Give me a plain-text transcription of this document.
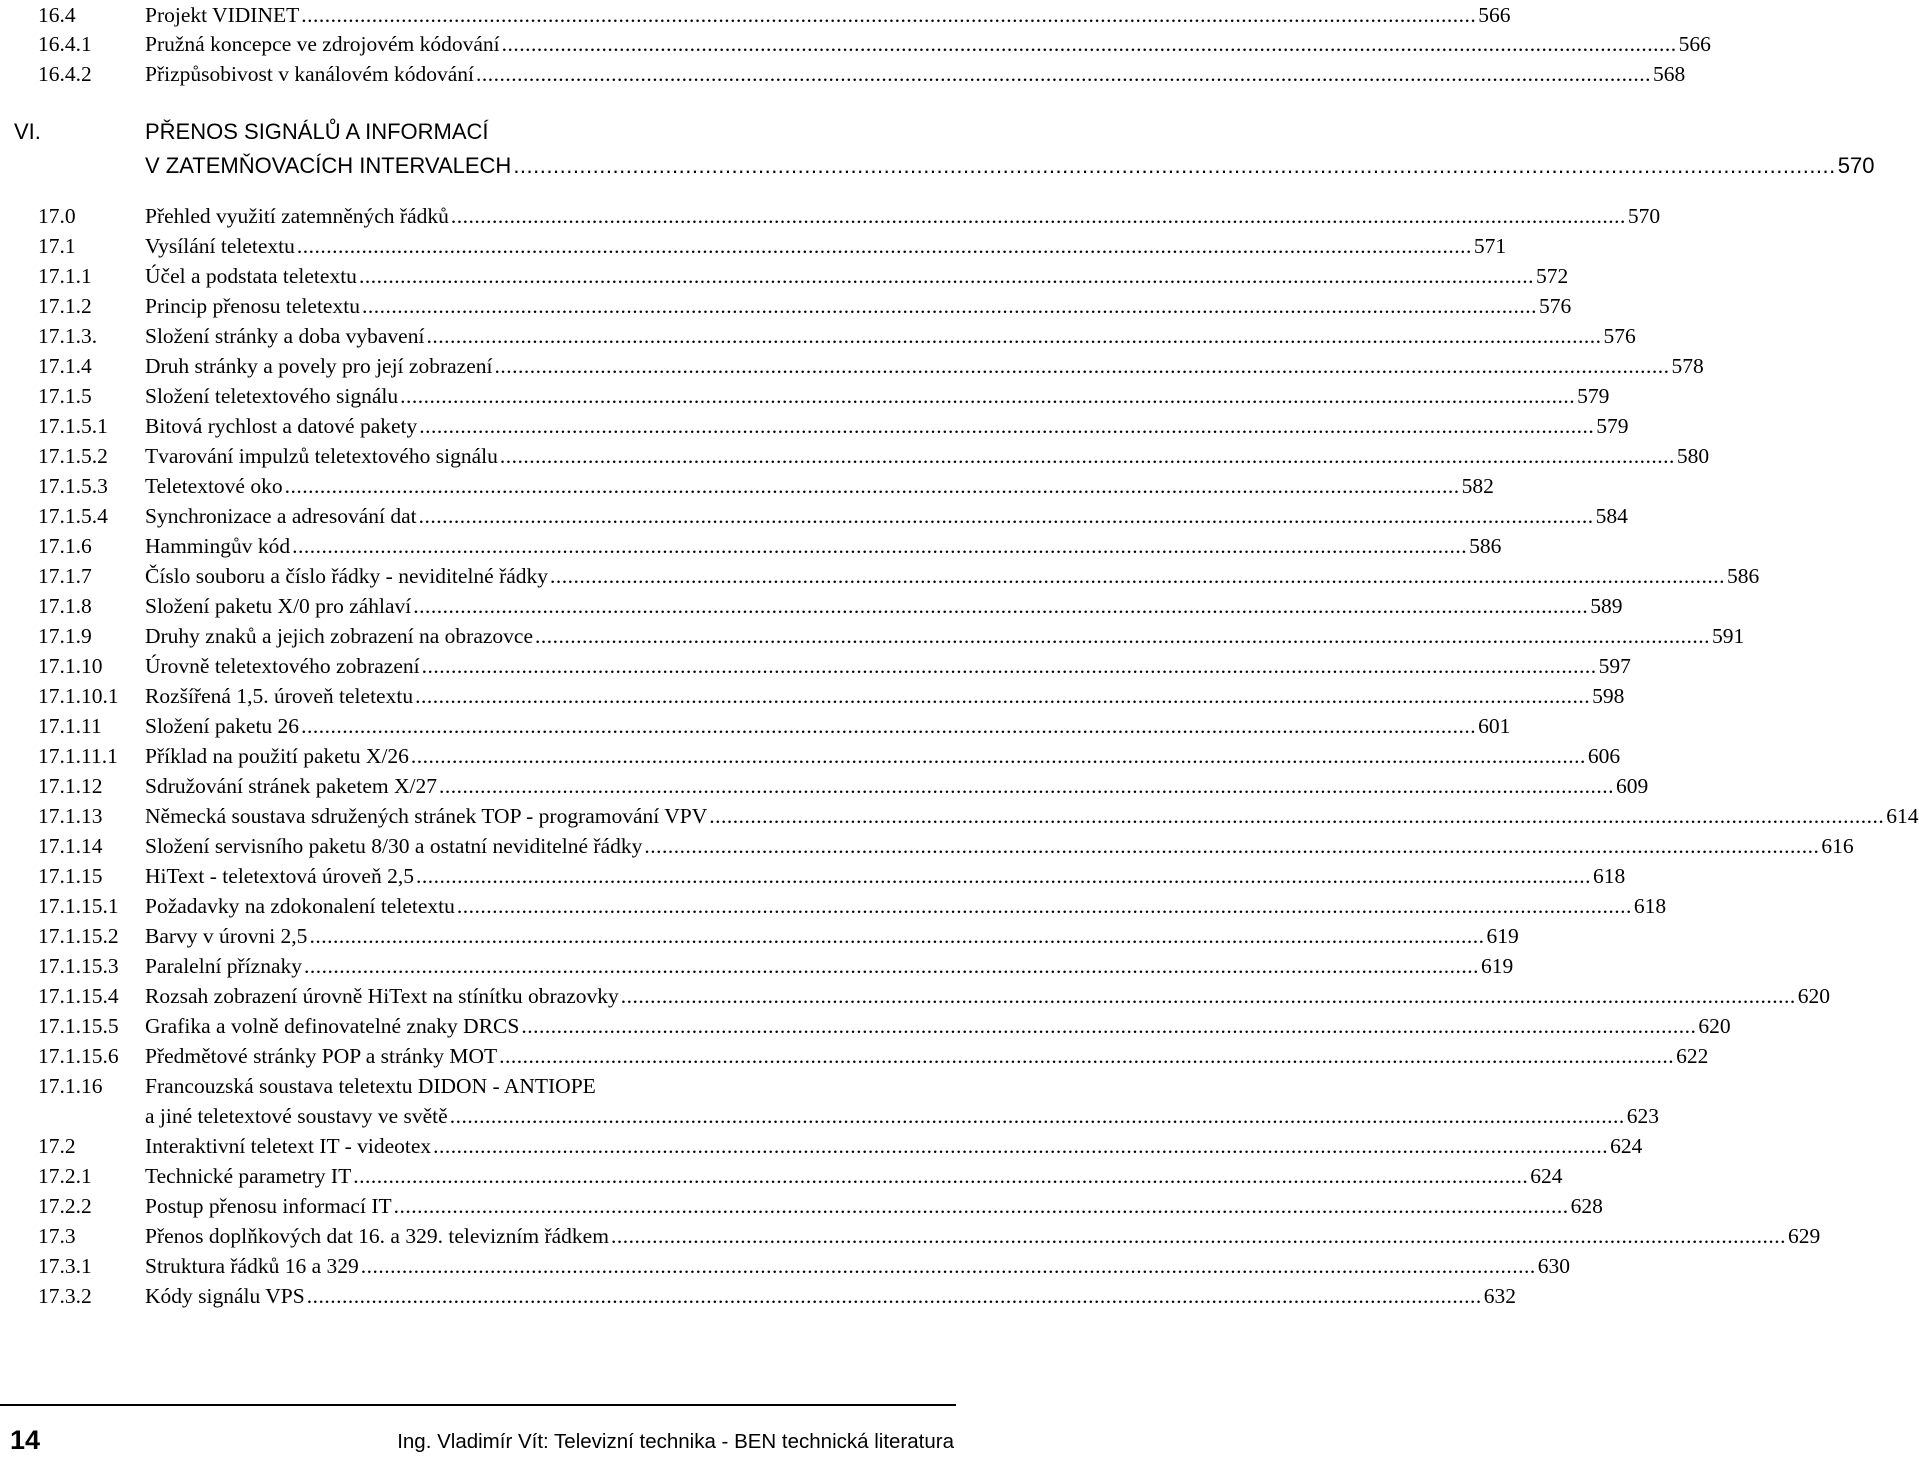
16.4	Projekt VIDINET ........................................................................................................................................................................................................ 566
16.4.1 Pružná koncepce ve zdrojovém kódování ........................................................................................................................................................................................................ 566
16.4.2 Přizpůsobivost v kanálovém kódování ........................................................................................................................................................................................................ 568
VI.	PŘENOS SIGNÁLŮ A INFORMACÍ
V ZATEMŇOVACÍCH INTERVALECH ........................................................................................................................................................................................................ 570
17.0	Přehled využití zatemněných řádků ........................................................................................................................................................................................................ 570
17.1	Vysílání teletextu ........................................................................................................................................................................................................ 571
17.1.1 Účel a podstata teletextu ........................................................................................................................................................................................................ 572
17.1.2 Princip přenosu teletextu ........................................................................................................................................................................................................ 576
17.1.3. Složení stránky a doba vybavení ........................................................................................................................................................................................................ 576
17.1.4 Druh stránky a povely pro její zobrazení ........................................................................................................................................................................................................ 578
17.1.5 Složení teletextového signálu ........................................................................................................................................................................................................ 579
17.1.5.1 Bitová rychlost a datové pakety ........................................................................................................................................................................................................ 579
17.1.5.2 Tvarování impulzů teletextového signálu ........................................................................................................................................................................................................ 580
17.1.5.3 Teletextové oko ........................................................................................................................................................................................................ 582
17.1.5.4 Synchronizace a adresování dat ........................................................................................................................................................................................................ 584
17.1.6 Hammingův kód ........................................................................................................................................................................................................ 586
17.1.7 Číslo souboru a číslo řádky - neviditelné řádky ........................................................................................................................................................................................................ 586
17.1.8 Složení paketu X/0 pro záhlaví ........................................................................................................................................................................................................ 589
17.1.9 Druhy znaků a jejich zobrazení na obrazovce ........................................................................................................................................................................................................ 591
17.1.10 Úrovně teletextového zobrazení ........................................................................................................................................................................................................ 597
17.1.10.1 Rozšířená 1,5. úroveň teletextu ........................................................................................................................................................................................................ 598
17.1.11 Složení paketu 26 ........................................................................................................................................................................................................ 601
17.1.11.1 Příklad na použití paketu X/26 ........................................................................................................................................................................................................ 606
17.1.12 Sdružování stránek paketem X/27 ........................................................................................................................................................................................................ 609
17.1.13 Německá soustava sdružených stránek TOP - programování VPV ........................................................................................................................................................................................................ 614
17.1.14 Složení servisního paketu 8/30 a ostatní neviditelné řádky ........................................................................................................................................................................................................ 616
17.1.15 HiText - teletextová úroveň 2,5 ........................................................................................................................................................................................................ 618
17.1.15.1 Požadavky na zdokonalení teletextu ........................................................................................................................................................................................................ 618
17.1.15.2 Barvy v úrovni 2,5 ........................................................................................................................................................................................................ 619
17.1.15.3 Paralelní příznaky ........................................................................................................................................................................................................ 619
17.1.15.4 Rozsah zobrazení úrovně HiText na stínítku obrazovky ........................................................................................................................................................................................................ 620
17.1.15.5 Grafika a volně definovatelné znaky DRCS ........................................................................................................................................................................................................ 620
17.1.15.6 Předmětové stránky POP a stránky MOT ........................................................................................................................................................................................................ 622
17.1.16 Francouzská soustava teletextu DIDON - ANTIOPE
a jiné teletextové soustavy ve světě ........................................................................................................................................................................................................ 623
17.2	Interaktivní teletext IT - videotex ........................................................................................................................................................................................................ 624
17.2.1 Technické parametry IT ........................................................................................................................................................................................................ 624
17.2.2 Postup přenosu informací IT ........................................................................................................................................................................................................ 628
17.3	Přenos doplňkových dat 16. a 329. televizním řádkem ........................................................................................................................................................................................................ 629
17.3.1 Struktura řádků 16 a 329 ........................................................................................................................................................................................................ 630
17.3.2 Kódy signálu VPS ........................................................................................................................................................................................................ 632
14	Ing. Vladimír Vít: Televizní technika - BEN technická literatura
